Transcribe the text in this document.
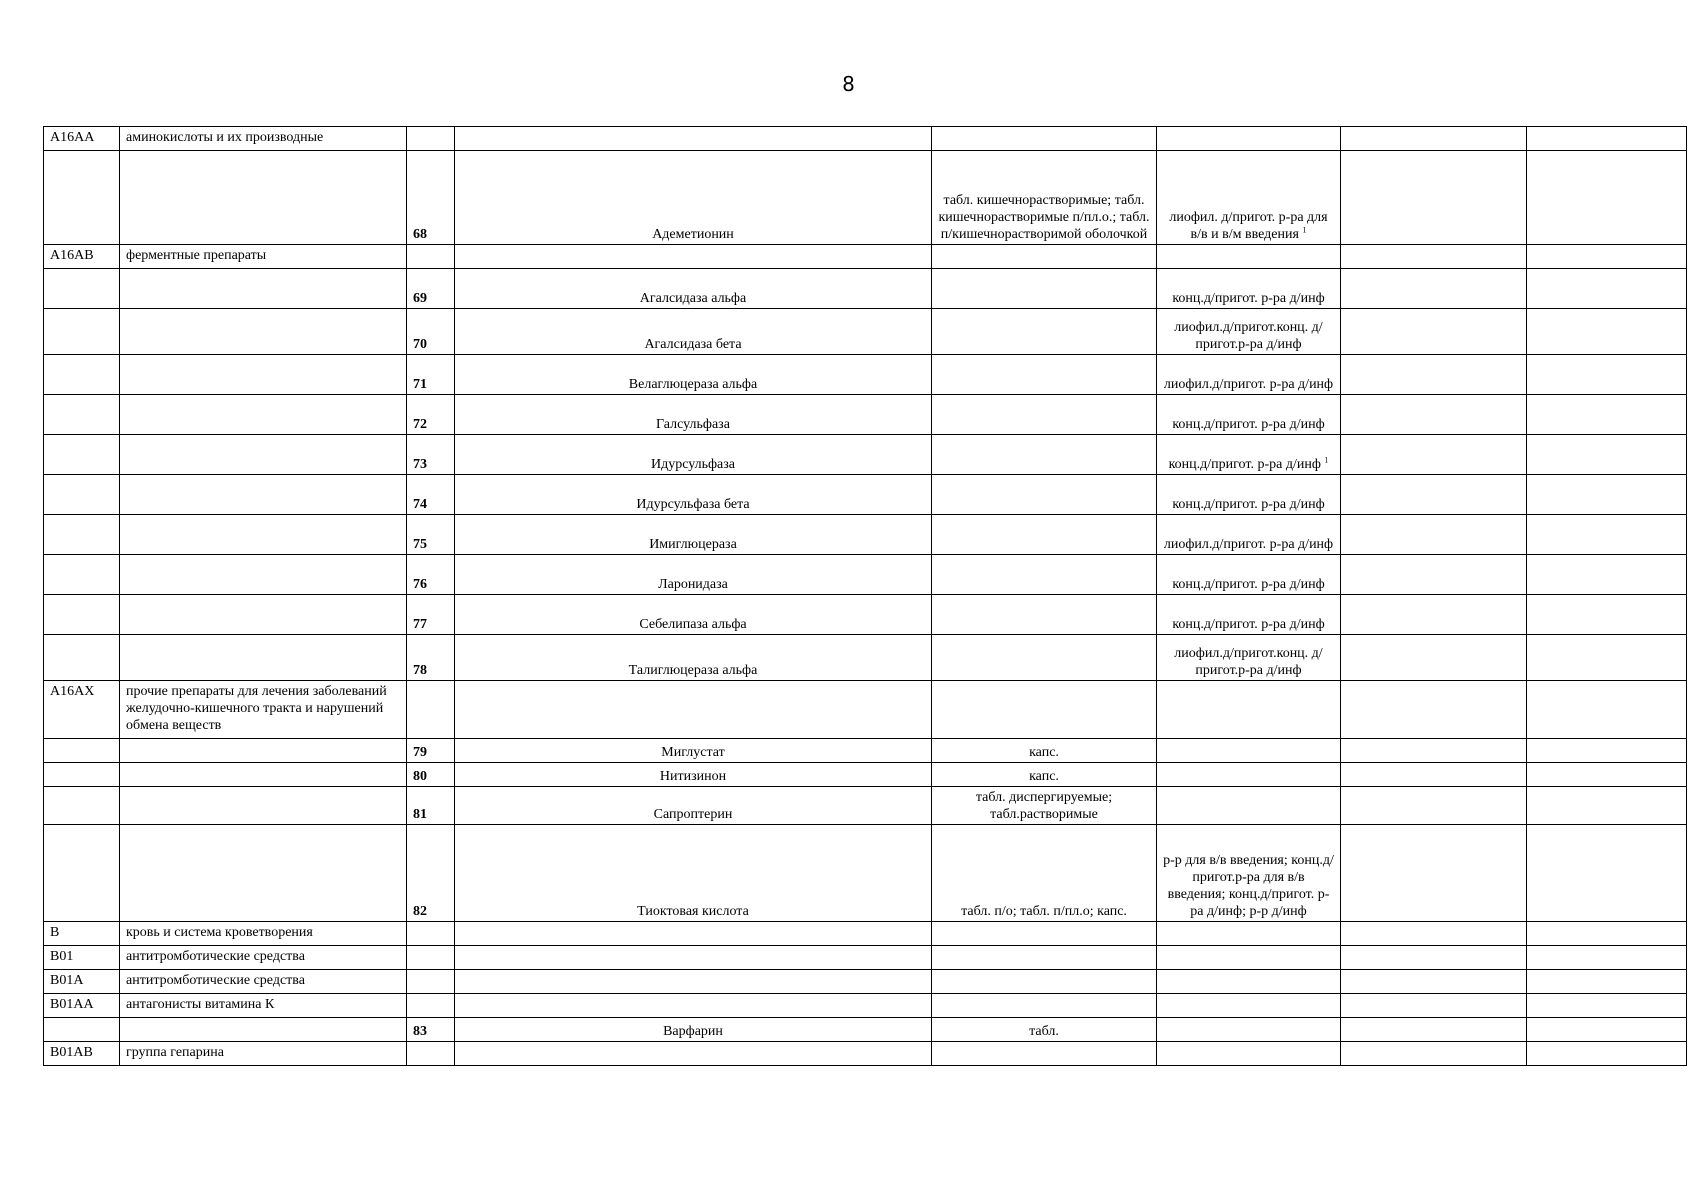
8
A16AA	аминокислоты и их производные							
		68	Адеметионин	табл. кишечнорастворимые; табл. кишечнорастворимые п/пл.о.; табл. п/кишечнорастворимой оболочкой	лиофил. д/пригот. р-ра для в/в и в/м введения $^1$			
A16AB	ферментные препараты							
		69	Агалсидаза альфа		конц.д/пригот. р-ра д/инф			
		70	Агалсидаза бета		лиофил.д/пригот.конц. д/пригот.р-ра д/инф			
		71	Велаглюцераза альфа		лиофил.д/пригот. р-ра д/инф			
		72	Галсульфаза		конц.д/пригот. р-ра д/инф			
		73	Идурсульфаза		конц.д/пригот. р-ра д/инф $^1$			
		74	Идурсульфаза бета		конц.д/пригот. р-ра д/инф			
		75	Имиглюцераза		лиофил.д/пригот. р-ра д/инф			
		76	Ларонидаза		конц.д/пригот. р-ра д/инф			
		77	Себелипаза альфа		конц.д/пригот. р-ра д/инф			
		78	Талиглюцераза альфа		лиофил.д/пригот.конц. д/пригот.р-ра д/инф			
A16AX	прочие препараты для лечения заболеваний желудочно-кишечного тракта и нарушений обмена веществ							
		79	Миглустат	капс.				
		80	Нитизинон	капс.				
		81	Сапроптерин	табл. диспергируемые; табл.растворимые				
		82	Тиоктовая кислота	табл. п/о; табл. п/пл.о; капс.	р-р для в/в введения; конц.д/пригот.р-ра для в/в введения; конц.д/пригот. р-ра д/инф; р-р д/инф			
B	кровь и система кроветворения							
B01	антитромботические средства							
B01A	антитромботические средства							
B01AA	антагонисты витамина К							
		83	Варфарин	табл.				
B01AB	группа гепарина							
